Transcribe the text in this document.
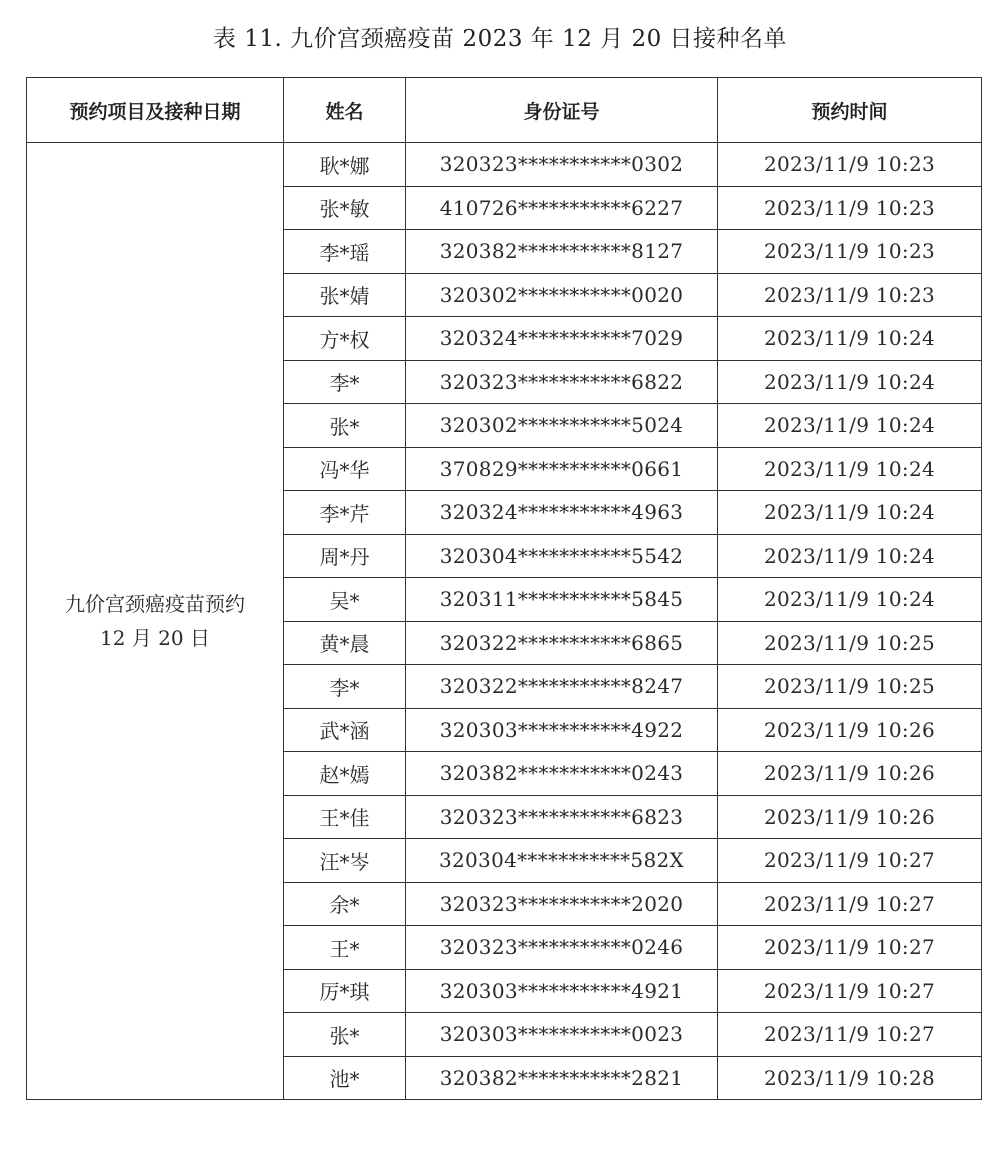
表 11. 九价宫颈癌疫苗 2023 年 12 月 20 日接种名单
预约项目及接种日期	姓名	身份证号	预约时间

九价宫颈癌疫苗预约
12 月 20 日	耿*娜	320323***********0302	2023/11/9 10:23
	张*敏	410726***********6227	2023/11/9 10:23
	李*瑶	320382***********8127	2023/11/9 10:23
	张*婧	320302***********0020	2023/11/9 10:23
	方*权	320324***********7029	2023/11/9 10:24
	李*	320323***********6822	2023/11/9 10:24
	张*	320302***********5024	2023/11/9 10:24
	冯*华	370829***********0661	2023/11/9 10:24
	李*芹	320324***********4963	2023/11/9 10:24
	周*丹	320304***********5542	2023/11/9 10:24
	吴*	320311***********5845	2023/11/9 10:24
	黄*晨	320322***********6865	2023/11/9 10:25
	李*	320322***********8247	2023/11/9 10:25
	武*涵	320303***********4922	2023/11/9 10:26
	赵*嫣	320382***********0243	2023/11/9 10:26
	王*佳	320323***********6823	2023/11/9 10:26
	汪*岑	320304***********582X	2023/11/9 10:27
	余*	320323***********2020	2023/11/9 10:27
	王*	320323***********0246	2023/11/9 10:27
	厉*琪	320303***********4921	2023/11/9 10:27
	张*	320303***********0023	2023/11/9 10:27
	池*	320382***********2821	2023/11/9 10:28
